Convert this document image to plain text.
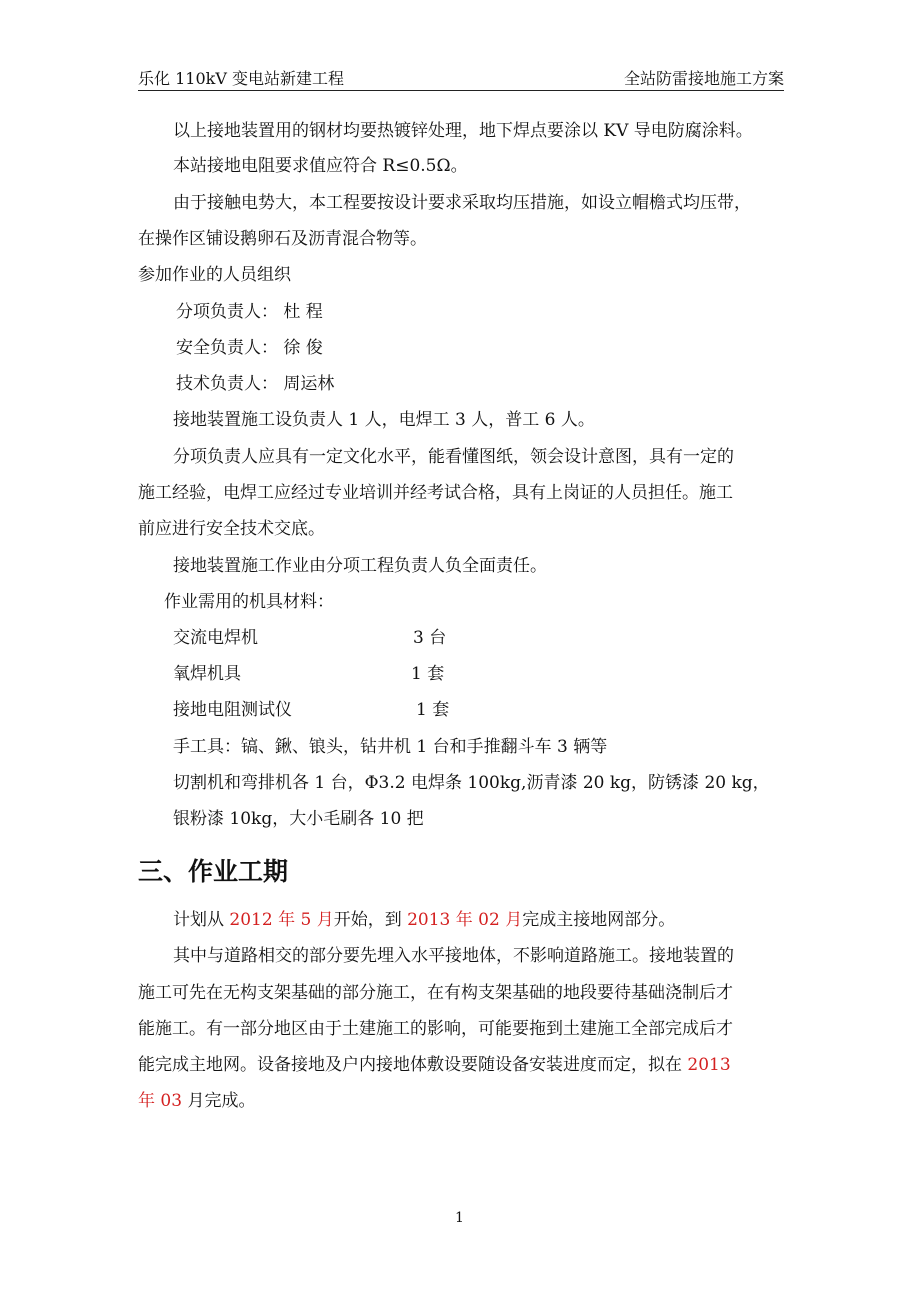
乐化 110kV 变电站新建工程	全站防雷接地施工方案
以上接地装置用的钢材均要热镀锌处理，地下焊点要涂以 KV 导电防腐涂料。
本站接地电阻要求值应符合 R≤0.5Ω。
由于接触电势大，本工程要按设计要求采取均压措施，如设立帽檐式均压带，
在操作区铺设鹅卵石及沥青混合物等。
参加作业的人员组织
分项负责人： 杜 程
安全负责人： 徐 俊
技术负责人： 周运林
接地装置施工设负责人 1 人，电焊工 3 人，普工 6 人。
分项负责人应具有一定文化水平，能看懂图纸，领会设计意图，具有一定的
施工经验，电焊工应经过专业培训并经考试合格，具有上岗证的人员担任。施工
前应进行安全技术交底。
接地装置施工作业由分项工程负责人负全面责任。
作业需用的机具材料：
交流电焊机	3 台
氧焊机具	1 套
接地电阻测试仪	1 套
手工具：镐、鍬、锒头，钻井机 1 台和手推翻斗车 3 辆等
切割机和弯排机各 1 台，Φ3.2 电焊条 100kg,沥青漆 20 kg，防锈漆 20 kg，
银粉漆 10kg，大小毛刷各 10 把
三、作业工期
计划从 2012 年 5 月开始，到 2013 年 02 月完成主接地网部分。
其中与道路相交的部分要先埋入水平接地体，不影响道路施工。接地装置的
施工可先在无构支架基础的部分施工，在有构支架基础的地段要待基础浇制后才
能施工。有一部分地区由于土建施工的影响，可能要拖到土建施工全部完成后才
能完成主地网。设备接地及户内接地体敷设要随设备安装进度而定，拟在 2013
年 03 月完成。
1
